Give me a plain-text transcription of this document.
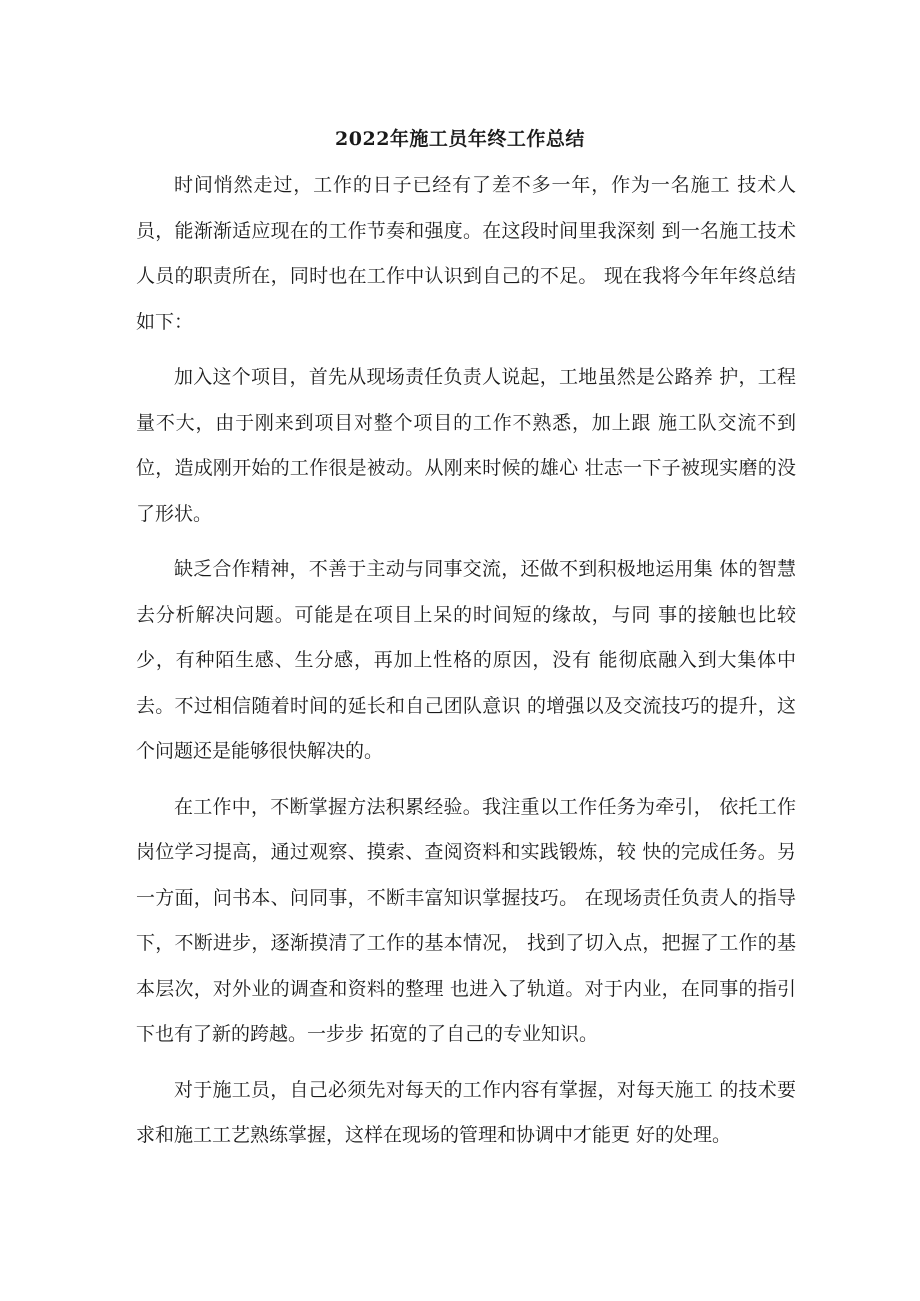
2022年施工员年终工作总结

时间悄然走过，工作的日子已经有了差不多一年，作为一名施工 技术人员，能渐渐适应现在的工作节奏和强度。在这段时间里我深刻 到一名施工技术人员的职责所在，同时也在工作中认识到自己的不足。 现在我将今年年终总结如下：

加入这个项目，首先从现场责任负责人说起，工地虽然是公路养 护，工程量不大，由于刚来到项目对整个项目的工作不熟悉，加上跟 施工队交流不到位，造成刚开始的工作很是被动。从刚来时候的雄心 壮志一下子被现实磨的没了形状。

缺乏合作精神，不善于主动与同事交流，还做不到积极地运用集 体的智慧去分析解决问题。可能是在项目上呆的时间短的缘故，与同 事的接触也比较少，有种陌生感、生分感，再加上性格的原因，没有 能彻底融入到大集体中去。不过相信随着时间的延长和自己团队意识 的增强以及交流技巧的提升，这个问题还是能够很快解决的。

在工作中，不断掌握方法积累经验。我注重以工作任务为牵引， 依托工作岗位学习提高，通过观察、摸索、查阅资料和实践锻炼，较 快的完成任务。另一方面，问书本、问同事，不断丰富知识掌握技巧。 在现场责任负责人的指导下，不断进步，逐渐摸清了工作的基本情况， 找到了切入点，把握了工作的基本层次，对外业的调查和资料的整理 也进入了轨道。对于内业，在同事的指引下也有了新的跨越。一步步 拓宽的了自己的专业知识。

对于施工员，自己必须先对每天的工作内容有掌握，对每天施工 的技术要求和施工工艺熟练掌握，这样在现场的管理和协调中才能更 好的处理。
